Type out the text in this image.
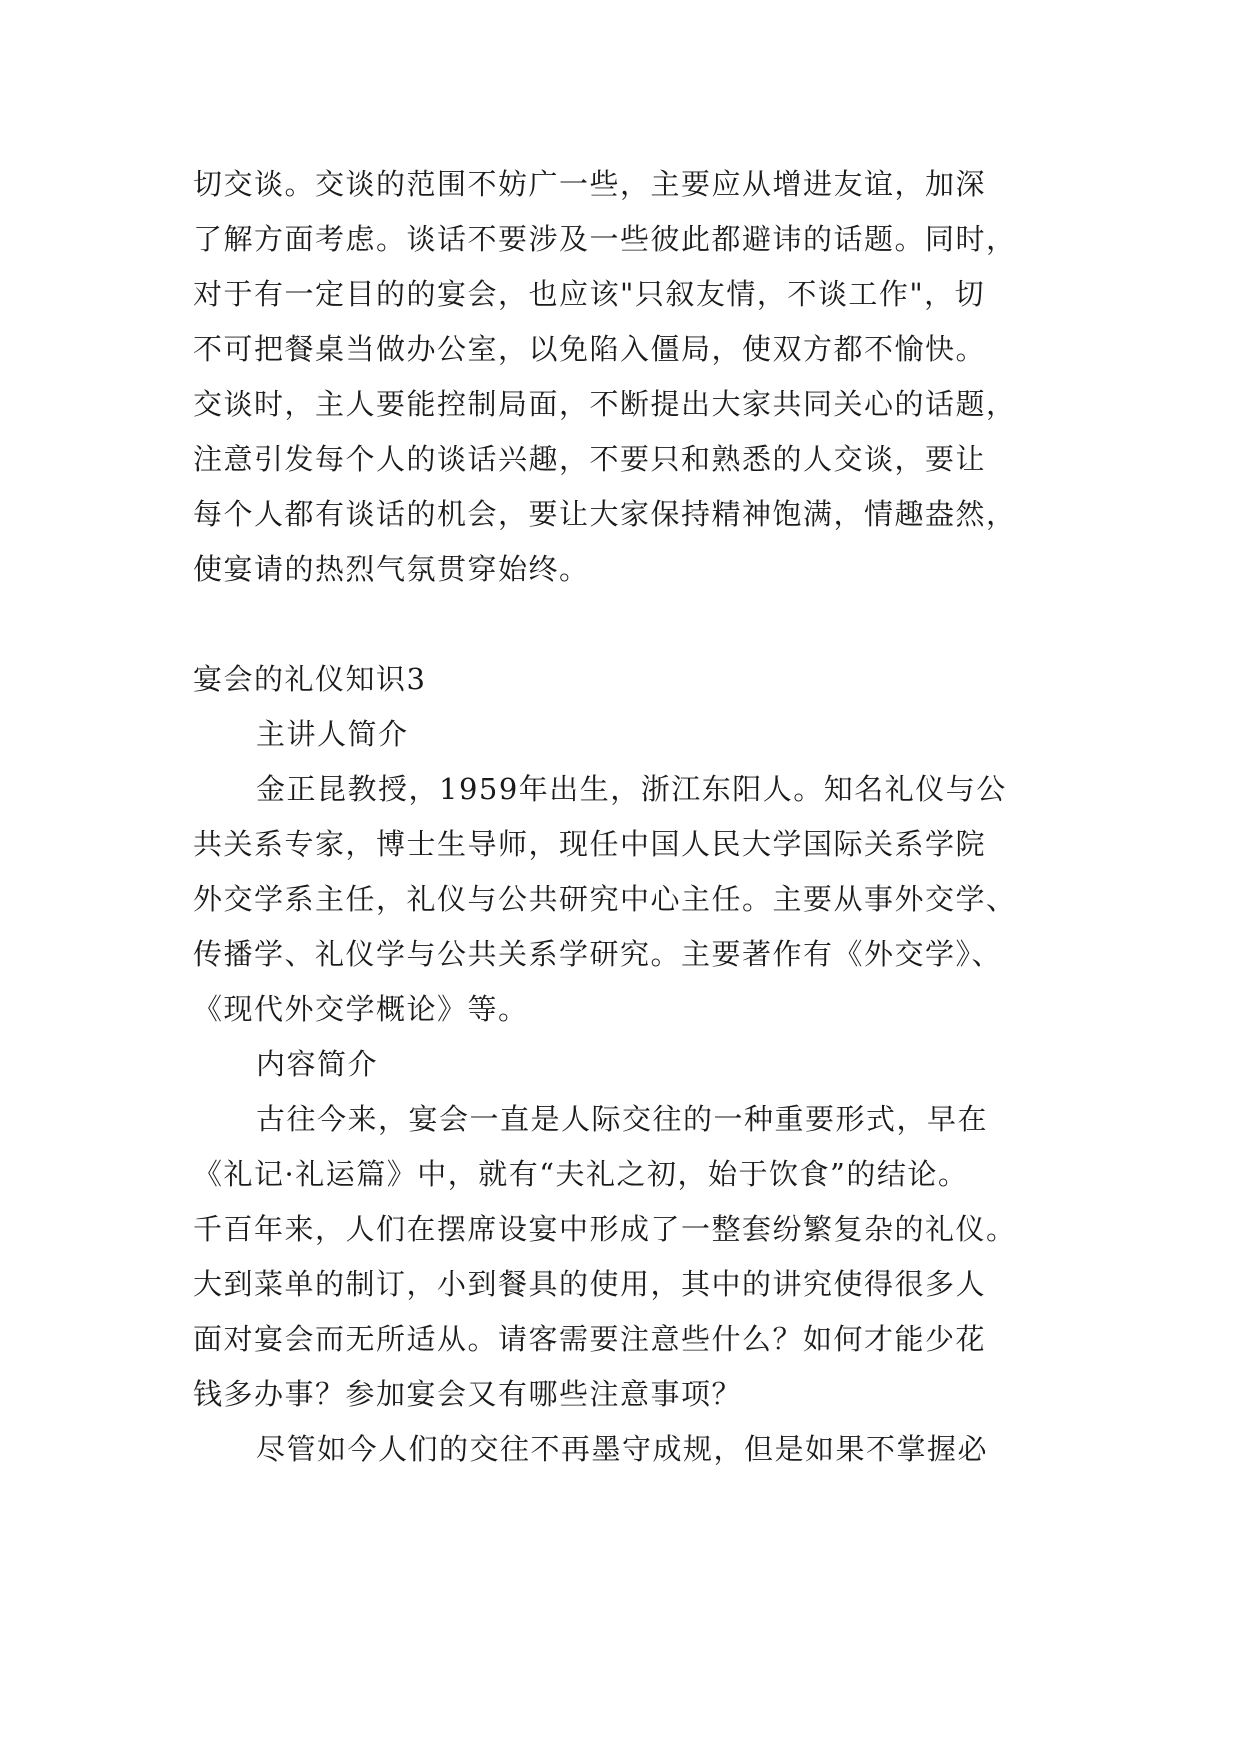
切交谈。交谈的范围不妨广一些，主要应从增进友谊，加深
了解方面考虑。谈话不要涉及一些彼此都避讳的话题。同时，
对于有一定目的的宴会，也应该"只叙友情，不谈工作"，切
不可把餐桌当做办公室，以免陷入僵局，使双方都不愉快。
交谈时，主人要能控制局面，不断提出大家共同关心的话题，
注意引发每个人的谈话兴趣，不要只和熟悉的人交谈，要让
每个人都有谈话的机会，要让大家保持精神饱满，情趣盎然，
使宴请的热烈气氛贯穿始终。
宴会的礼仪知识3
主讲人简介
金正昆教授，1959年出生，浙江东阳人。知名礼仪与公
共关系专家，博士生导师，现任中国人民大学国际关系学院
外交学系主任，礼仪与公共研究中心主任。主要从事外交学、
传播学、礼仪学与公共关系学研究。主要著作有《外交学》、
《现代外交学概论》等。
内容简介
古往今来，宴会一直是人际交往的一种重要形式，早在
《礼记·礼运篇》中，就有“夫礼之初，始于饮食”的结论。
千百年来，人们在摆席设宴中形成了一整套纷繁复杂的礼仪。
大到菜单的制订，小到餐具的使用，其中的讲究使得很多人
面对宴会而无所适从。请客需要注意些什么？如何才能少花
钱多办事？参加宴会又有哪些注意事项？
尽管如今人们的交往不再墨守成规，但是如果不掌握必
